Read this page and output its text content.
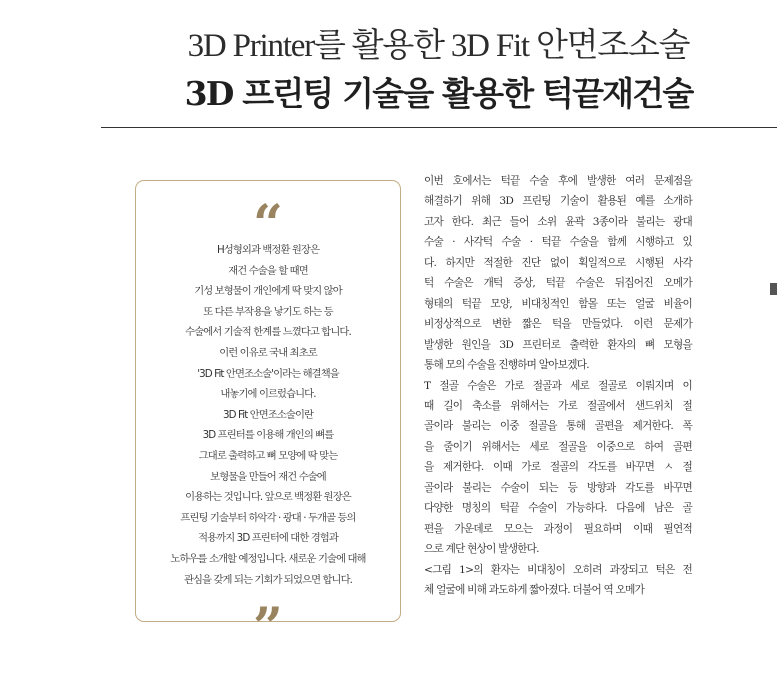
3D Printer를 활용한 3D Fit 안면조소술
3D 프린팅 기술을 활용한 턱끝재건술
“
H성형외과 백정환 원장은
재건 수술을 할 때면
기성 보형물이 개인에게 딱 맞지 않아
또 다른 부작용을 낳기도 하는 등
수술에서 기술적 한계를 느꼈다고 합니다.
이런 이유로 국내 최초로
'3D Fit 안면조소술'이라는 해결책을
내놓기에 이르렀습니다.
3D Fit 안면조소술이란
3D 프린터를 이용해 개인의 뼈를
그대로 출력하고 뼈 모양에 딱 맞는
보형물을 만들어 재건 수술에
이용하는 것입니다. 앞으로 백정환 원장은
프린팅 기술부터 하악각 · 광대 · 두개골 등의
적용까지 3D 프린터에 대한 경험과
노하우를 소개할 예정입니다. 새로운 기술에 대해
관심을 갖게 되는 기회가 되었으면 합니다.
”
이번 호에서는 턱끝 수술 후에 발생한 여러 문제점을
해결하기 위해 3D 프린팅 기술이 활용된 예를 소개하
고자 한다. 최근 들어 소위 윤곽 3종이라 불리는 광대
수술 · 사각턱 수술 · 턱끝 수술을 함께 시행하고 있
다. 하지만 적절한 진단 없이 획일적으로 시행된 사각
턱 수술은 개턱 증상, 턱끝 수술은 뒤집어진 오메가
형태의 턱끝 모양, 비대칭적인 함몰 또는 얼굴 비율이
비정상적으로 변한 짧은 턱을 만들었다. 이런 문제가
발생한 원인을 3D 프린터로 출력한 환자의 뼈 모형을
통해 모의 수술을 진행하며 알아보겠다.
T 절골 수술은 가로 절골과 세로 절골로 이뤄지며 이
때 길이 축소를 위해서는 가로 절골에서 샌드위치 절
골이라 불리는 이중 절골을 통해 골편을 제거한다. 폭
을 줄이기 위해서는 세로 절골을 이중으로 하여 골편
을 제거한다. 이때 가로 절골의 각도를 바꾸면 ㅅ 절
골이라 불리는 수술이 되는 등 방향과 각도를 바꾸면
다양한 명칭의 턱끝 수술이 가능하다. 다음에 남은 골
편을 가운데로 모으는 과정이 필요하며 이때 필연적
으로 계단 현상이 발생한다.
<그림 1>의 환자는 비대칭이 오히려 과장되고 턱은 전
체 얼굴에 비해 과도하게 짧아졌다. 더불어 역 오메가
